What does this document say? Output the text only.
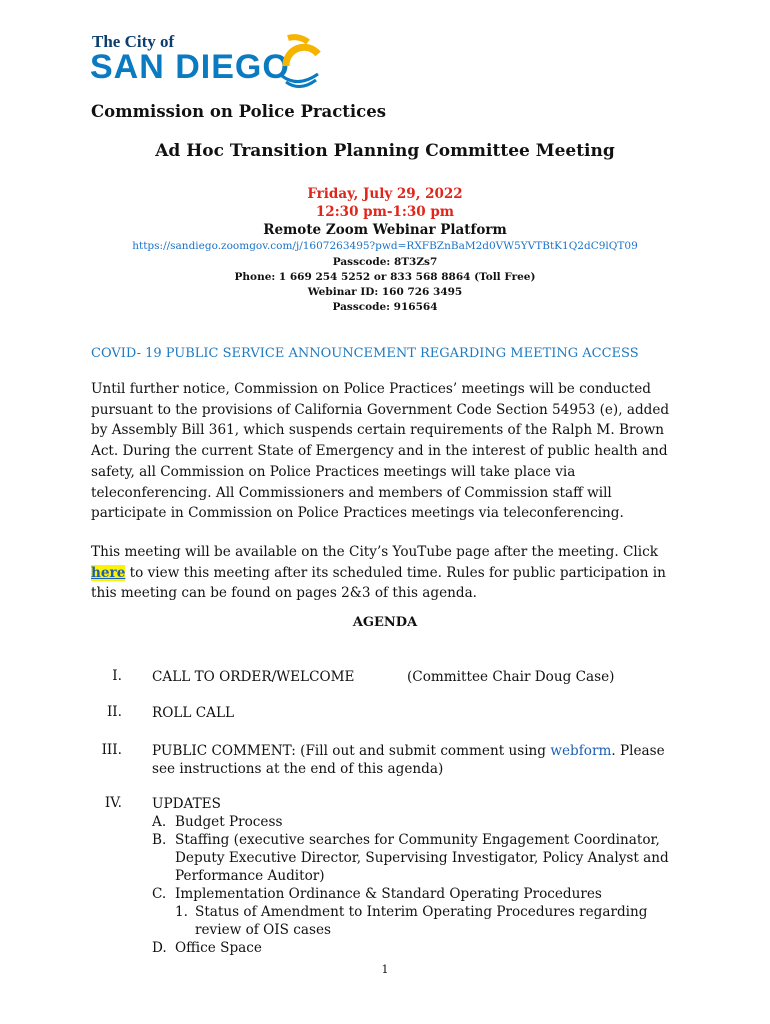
The City of
SAN DIEGO
Commission on Police Practices
Ad Hoc Transition Planning Committee Meeting
Friday, July 29, 2022
12:30 pm-1:30 pm
Remote Zoom Webinar Platform
https://sandiego.zoomgov.com/j/1607263495?pwd=RXFBZnBaM2d0VW5YVTBtK1Q2dC9lQT09
Passcode: 8T3Zs7
Phone: 1 669 254 5252 or 833 568 8864 (Toll Free)
Webinar ID: 160 726 3495
Passcode: 916564
COVID- 19 PUBLIC SERVICE ANNOUNCEMENT REGARDING MEETING ACCESS
Until further notice, Commission on Police Practices’ meetings will be conducted pursuant to the provisions of California Government Code Section 54953 (e), added by Assembly Bill 361, which suspends certain requirements of the Ralph M. Brown Act. During the current State of Emergency and in the interest of public health and safety, all Commission on Police Practices meetings will take place via teleconferencing. All Commissioners and members of Commission staff will participate in Commission on Police Practices meetings via teleconferencing.
This meeting will be available on the City’s YouTube page after the meeting. Click here to view this meeting after its scheduled time. Rules for public participation in this meeting can be found on pages 2&3 of this agenda.
AGENDA
I. CALL TO ORDER/WELCOME	(Committee Chair Doug Case)
II. ROLL CALL
III. PUBLIC COMMENT: (Fill out and submit comment using webform. Please
see instructions at the end of this agenda)
IV. UPDATES
A. Budget Process
B. Staffing (executive searches for Community Engagement Coordinator, Deputy Executive Director, Supervising Investigator, Policy Analyst and Performance Auditor)
C. Implementation Ordinance & Standard Operating Procedures
1. Status of Amendment to Interim Operating Procedures regarding review of OIS cases
D. Office Space
1
